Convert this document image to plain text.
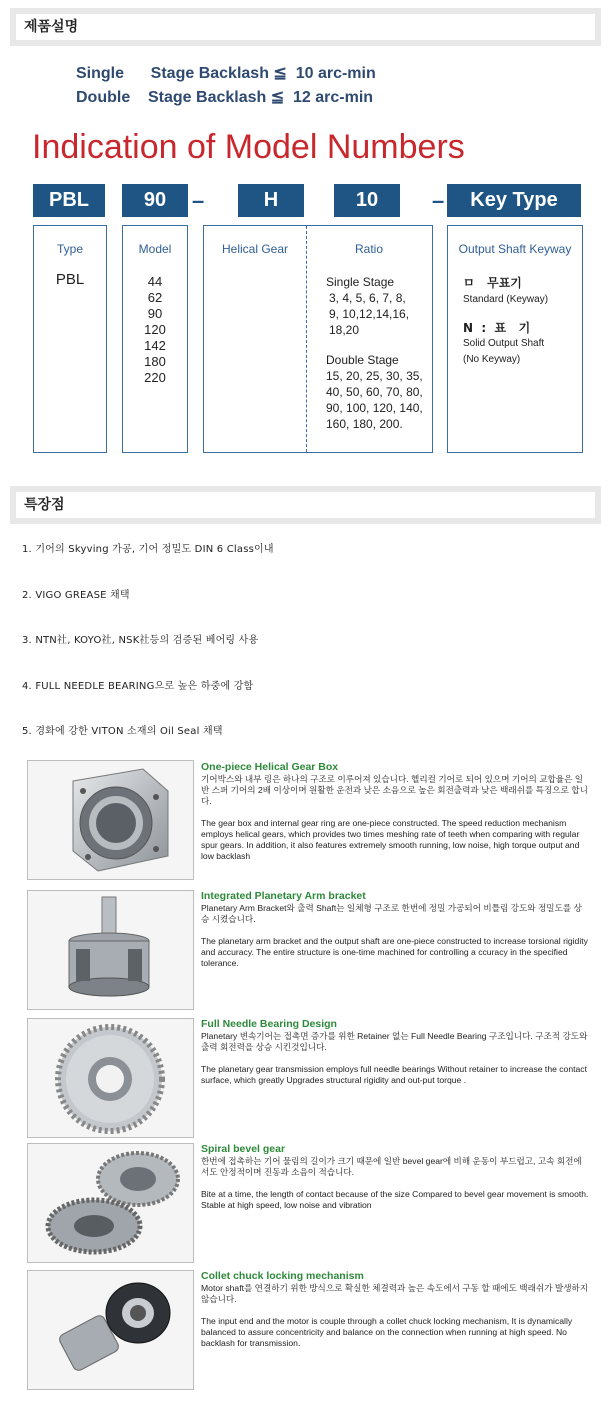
제품설명
Single      Stage Backlash ≦  10 arc-min
Double    Stage Backlash ≦  12 arc-min
Indication of Model Numbers
PBL	90	–	H	10	–	Key Type
Type
PBL
Model
44
62
90
120
142
180
220
Helical Gear	Ratio
Single Stage
3, 4, 5, 6, 7, 8,
9, 10,12,14,16,
18,20
Double Stage
15, 20, 25, 30, 35,
40, 50, 60, 70, 80,
90, 100, 120, 140,
160, 180, 200.
Output Shaft Keyway
ㅁ   무표기
Standard (Keyway)
N  :  표   기
Solid Output Shaft
(No Keyway)
특장점
1. 기어의 Skyving 가공, 기어 정밀도 DIN 6 Class이내
2. VIGO GREASE 채택
3. NTN社, KOYO社, NSK社등의 검증된 베어링 사용
4. FULL NEEDLE BEARING으로 높은 하중에 강함
5. 경화에 강한 VITON 소재의 Oil Seal 채택
One-piece Helical Gear Box

기어박스와 내부 링은 하나의 구조로 이루어져 있습니다. 헬리컬 기어로 되어 있으며 기어의 교합율은 일반 스퍼 기어의 2배 이상이며 원활한 운전과 낮은 소음으로 높은 회전출력과 낮은 백래쉬를 특징으로 합니다.

The gear box and internal gear ring are one-piece constructed. The speed reduction mechanism employs helical gears, which provides two times meshing rate of teeth when comparing with regular spur gears. In addition, it also features extremely smooth running, low noise, high torque output and low backlash

Integrated Planetary Arm bracket

Planetary Arm Bracket와 출력 Shaft는 일체형 구조로 한번에 정밀 가공되어 비틀림 강도와 정밀도를 상승 시켰습니다.

The planetary arm bracket and the output shaft are one-piece constructed to increase torsional rigidity and accuracy. The entire structure is one-time machined for controlling a ccuracy in the specified tolerance.

Full Needle Bearing Design

Planetary 변속기어는 접촉면 증가를 위한 Retainer 없는 Full Needle Bearing 구조입니다. 구조적 강도와 출력 회전력을 상승 시킨것입니다.

The planetary gear transmission employs full needle bearings Without retainer to increase the contact surface, which greatly Upgrades structural rigidity and out-put torque .

Spiral bevel gear

한번에 접촉하는 기어 물림의 길이가 크기 때문에 일반 bevel gear에 비해 운동이 부드럽고, 고속 회전에서도 안정적이며 진동과 소음이 적습니다.

Bite at a time, the length of contact because of the size Compared to bevel gear movement is smooth. Stable at high speed, low noise and vibration

Collet chuck locking mechanism

Motor shaft를 연결하기 위한 방식으로 확실한 체결력과 높은 속도에서 구동 할 때에도 백래쉬가 발생하지 않습니다.

The input end and the motor is couple through a collet chuck locking mechanism, It is dynamically balanced to assure concentricity and balance on the connection when running at high speed. No backlash for transmission.
